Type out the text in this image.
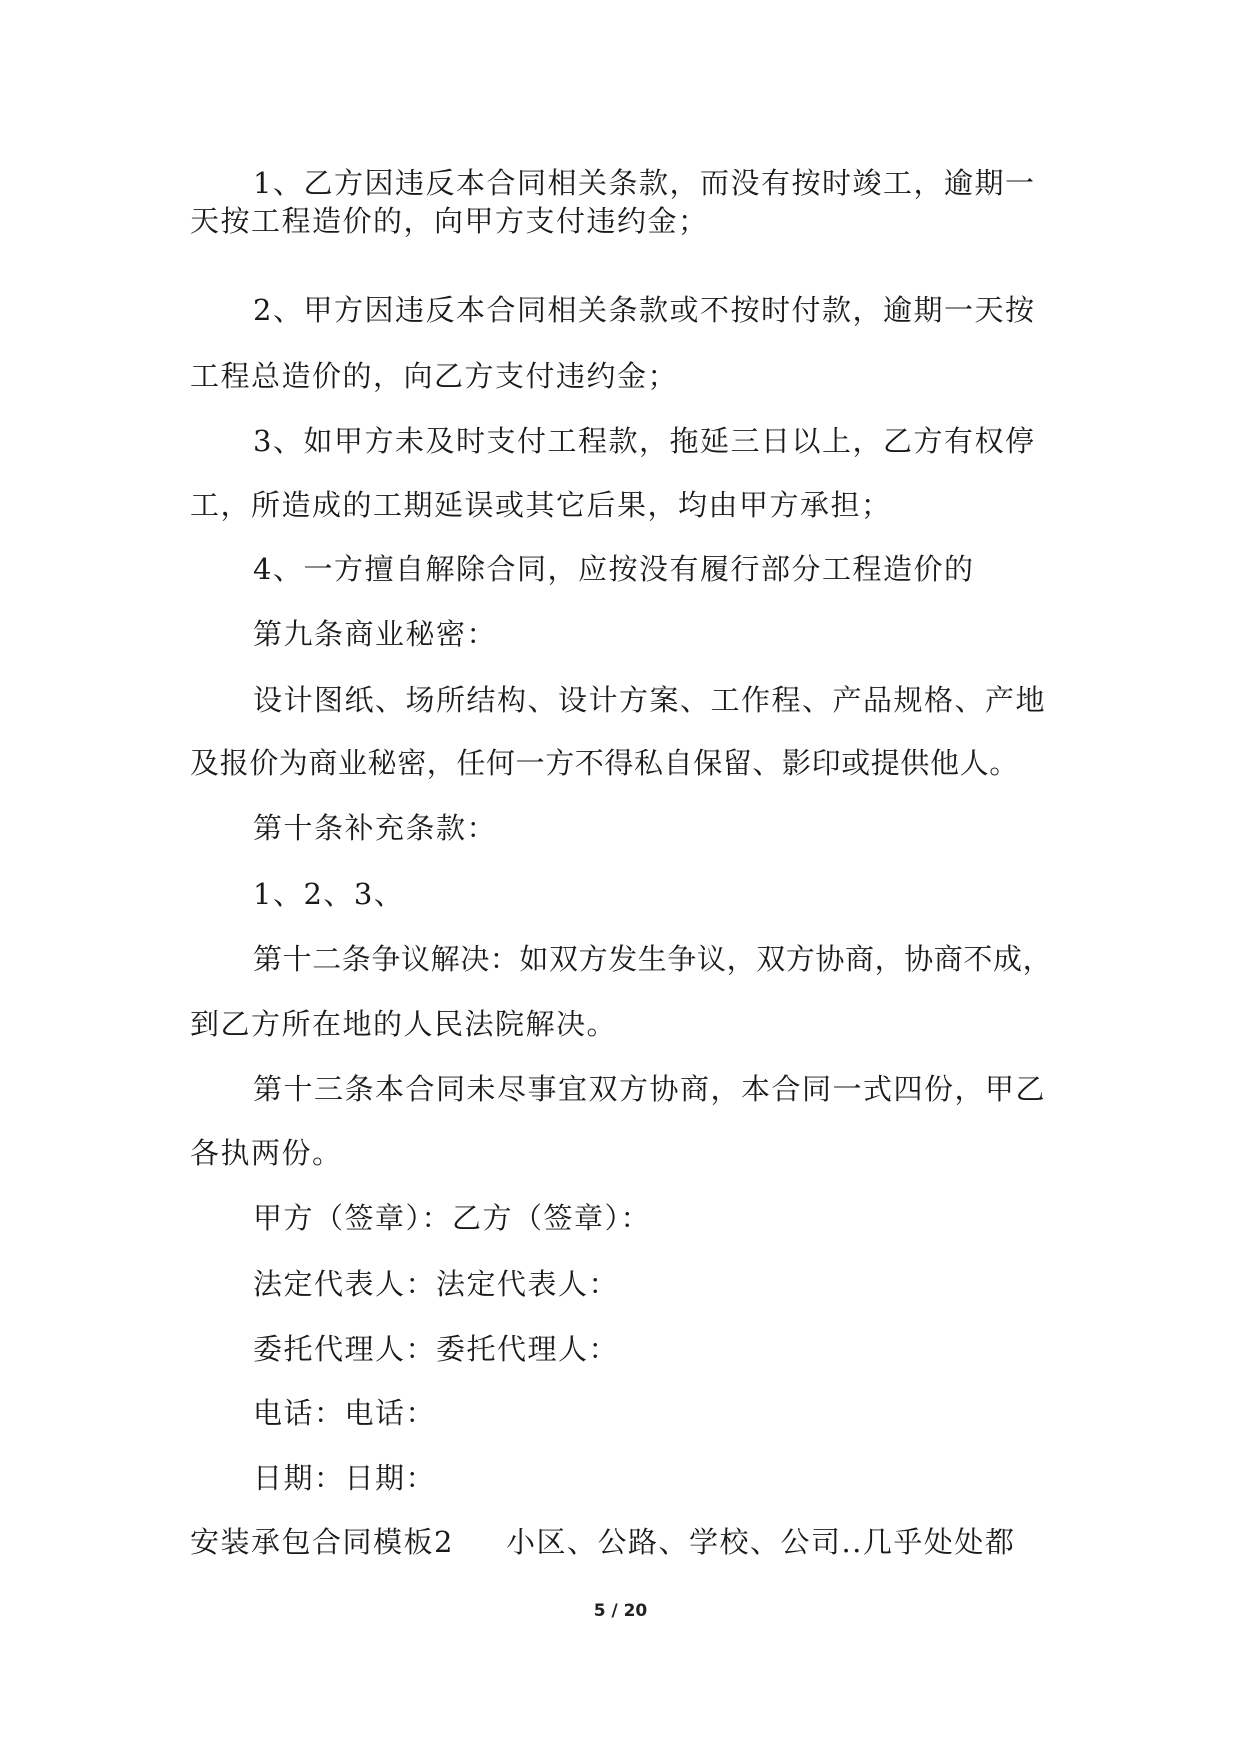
1、乙方因违反本合同相关条款，而没有按时竣工，逾期一
天按工程造价的，向甲方支付违约金；
2、甲方因违反本合同相关条款或不按时付款，逾期一天按
工程总造价的，向乙方支付违约金；
3、如甲方未及时支付工程款，拖延三日以上，乙方有权停
工，所造成的工期延误或其它后果，均由甲方承担；
4、一方擅自解除合同，应按没有履行部分工程造价的
第九条商业秘密：
设计图纸、场所结构、设计方案、工作程、产品规格、产地
及报价为商业秘密，任何一方不得私自保留、影印或提供他人。
第十条补充条款：
1、2、3、
第十二条争议解决：如双方发生争议，双方协商，协商不成，
到乙方所在地的人民法院解决。
第十三条本合同未尽事宜双方协商，本合同一式四份，甲乙
各执两份。
甲方（签章）：乙方（签章）：
法定代表人：法定代表人：
委托代理人：委托代理人：
电话：电话：
日期：日期：
安装承包合同模板2 小区、公路、学校、公司..几乎处处都
5 / 20
